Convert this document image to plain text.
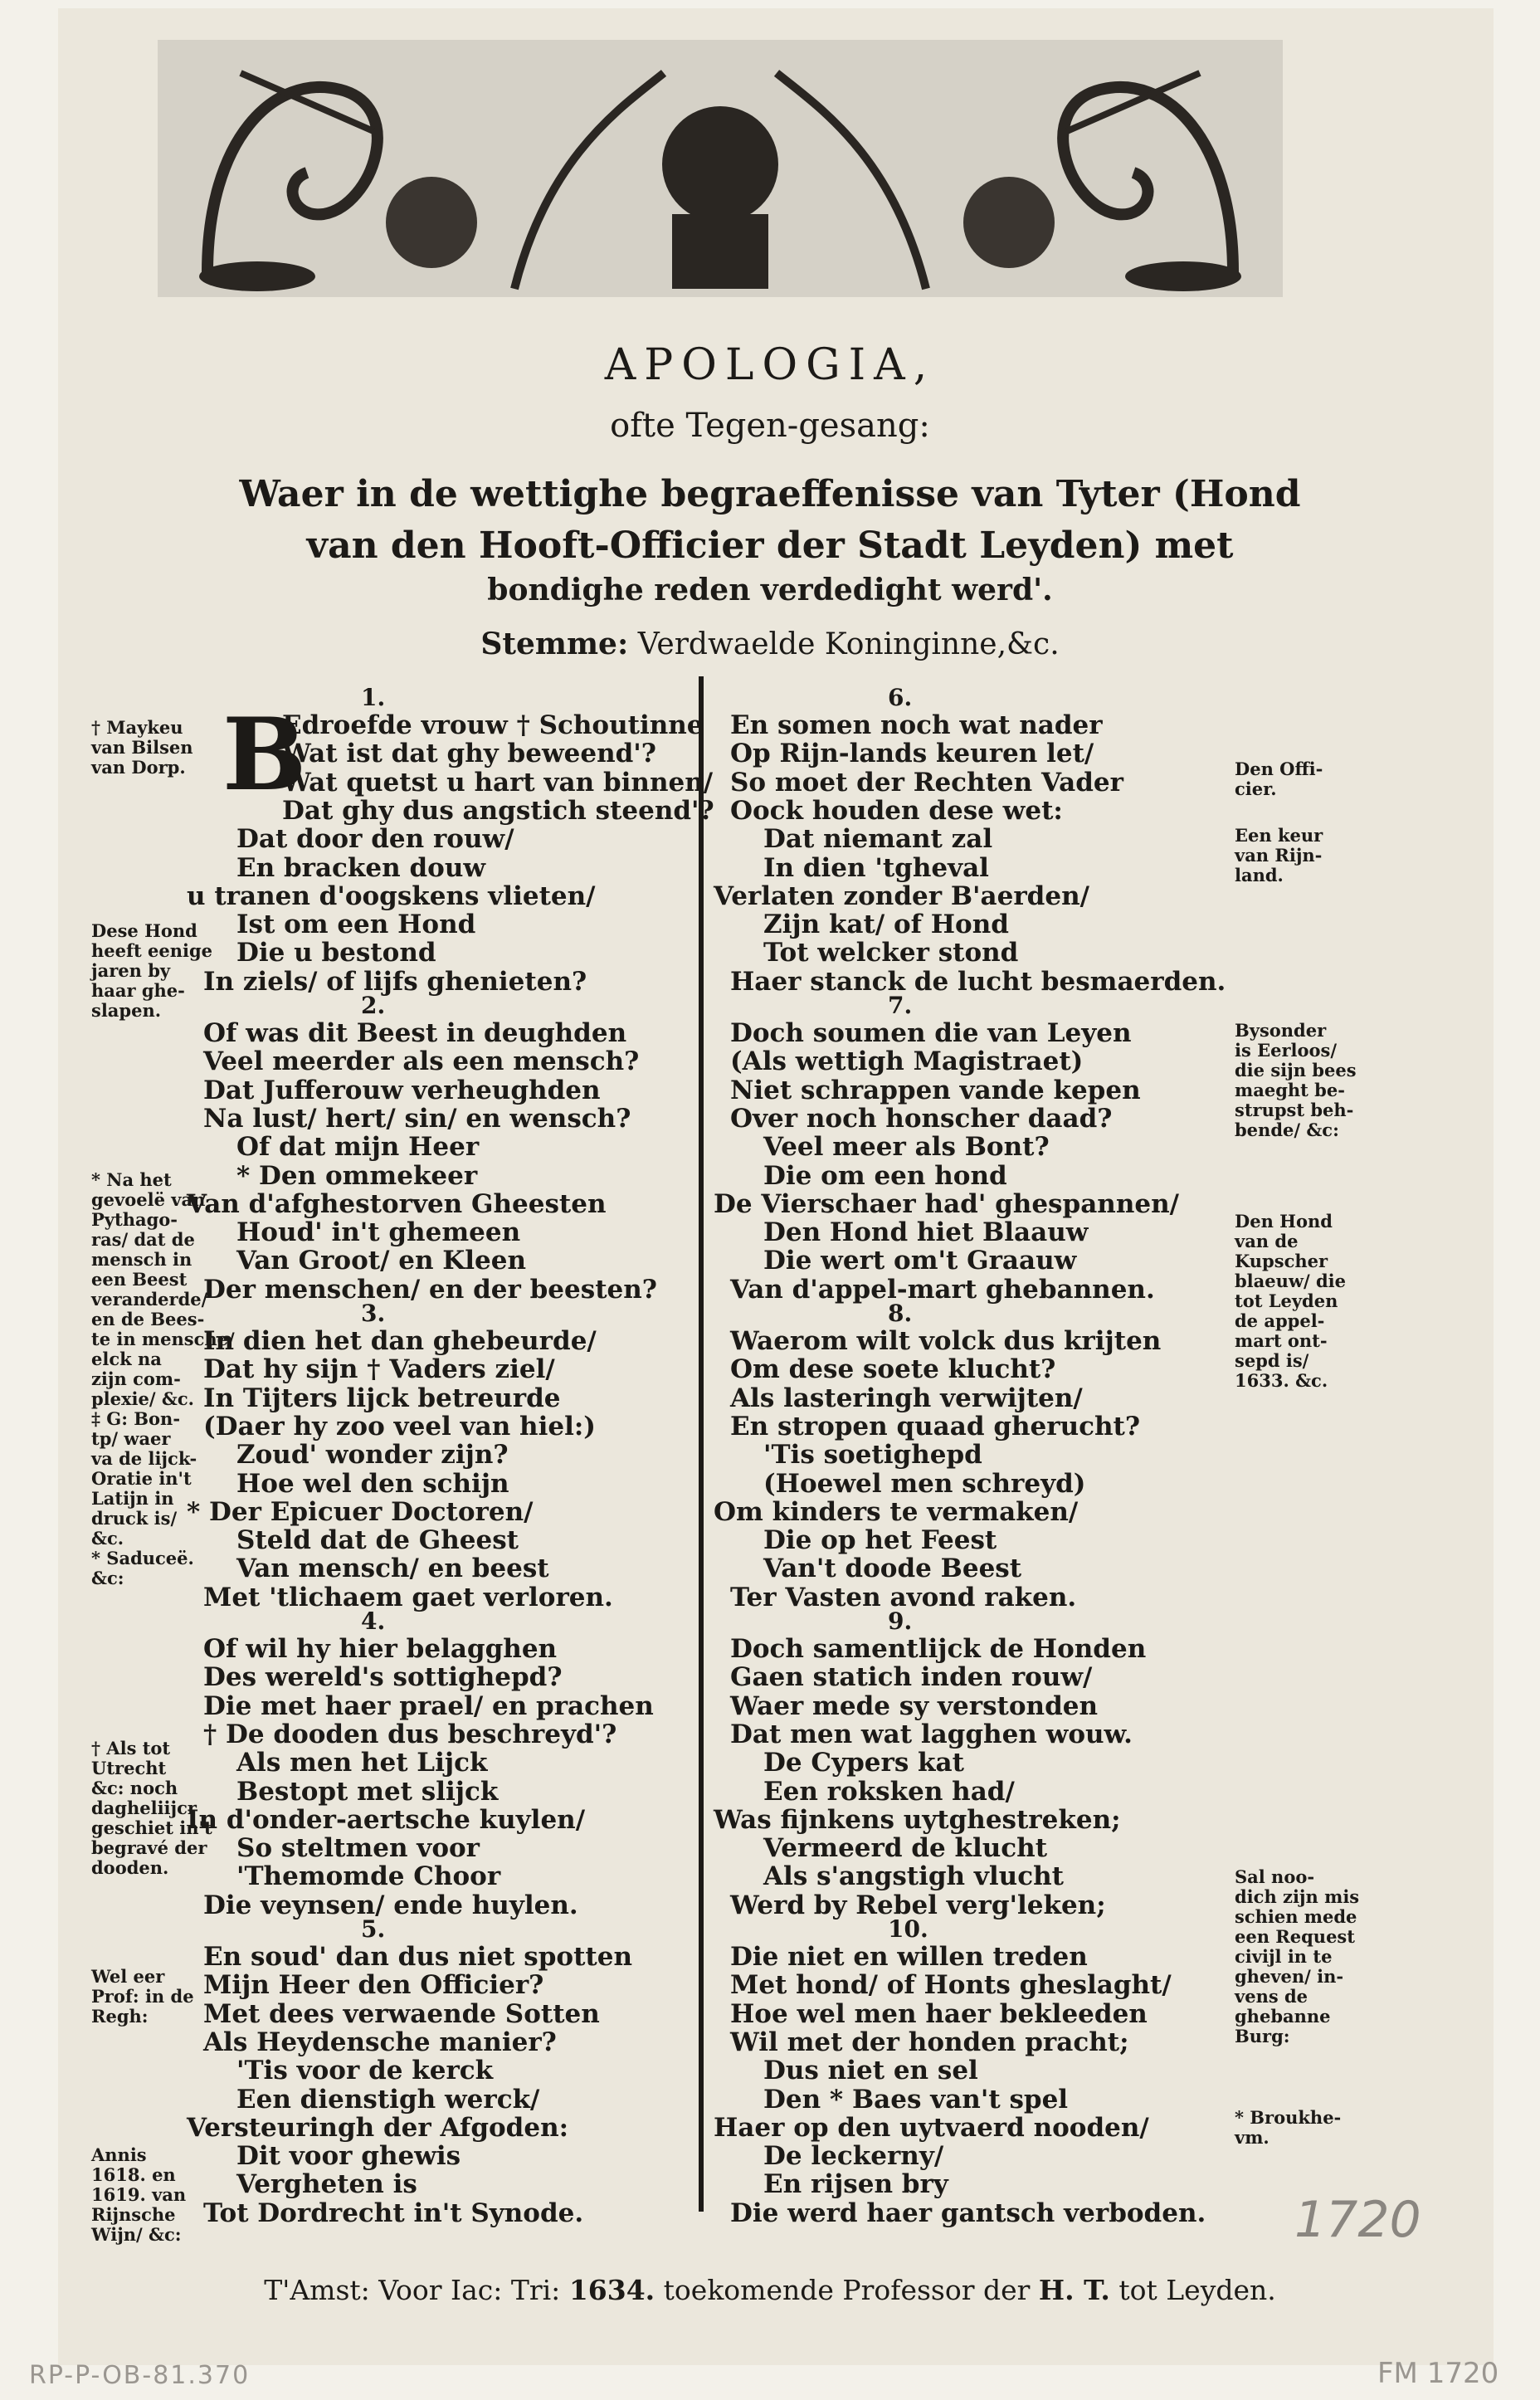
APOLOGIA,
ofte Tegen-gesang:
Waer in de wettighe begraeffenisse van Tyter (Hond
van den Hooft-Officier der Stadt Leyden) met
bondighe reden verdedight werd'.
Stemme: Verdwaelde Koninginne,&c.
1.
Edroefde vrouw † Schoutinne
Wat ist dat ghy beweend'?
Wat quetst u hart van binnen/
Dat ghy dus angstich steend'?
Dat door den rouw/
En bracken douw
u tranen d'oogskens vlieten/
Ist om een Hond
Die u bestond
In ziels/ of lijfs ghenieten?
2.
Of was dit Beest in deughden
Veel meerder als een mensch?
Dat Jufferouw verheughden
Na lust/ hert/ sin/ en wensch?
Of dat mijn Heer
* Den ommekeer
Van d'afghestorven Gheesten
Houd' in't ghemeen
Van Groot/ en Kleen
Der menschen/ en der beesten?
3.
In dien het dan ghebeurde/
Dat hy sijn † Vaders ziel/
In Tijters lijck betreurde
(Daer hy zoo veel van hiel:)
Zoud' wonder zijn?
Hoe wel den schijn
* Der Epicuer Doctoren/
Steld dat de Gheest
Van mensch/ en beest
Met 'tlichaem gaet verloren.
4.
Of wil hy hier belagghen
Des wereld's sottighepd?
Die met haer prael/ en prachen
† De dooden dus beschreyd'?
Als men het Lijck
Bestopt met slijck
In d'onder-aertsche kuylen/
So steltmen voor
'Themomde Choor
Die veynsen/ ende huylen.
5.
En soud' dan dus niet spotten
Mijn Heer den Officier?
Met dees verwaende Sotten
Als Heydensche manier?
'Tis voor de kerck
Een dienstigh werck/
Versteuringh der Afgoden:
Dit voor ghewis
Vergheten is
Tot Dordrecht in't Synode.
6.
En somen noch wat nader
Op Rijn-lands keuren let/
So moet der Rechten Vader
Oock houden dese wet:
Dat niemant zal
In dien 'tgheval
Verlaten zonder B'aerden/
Zijn kat/ of Hond
Tot welcker stond
Haer stanck de lucht besmaerden.
7.
Doch soumen die van Leyen
(Als wettigh Magistraet)
Niet schrappen vande kepen
Over noch honscher daad?
Veel meer als Bont?
Die om een hond
De Vierschaer had' ghespannen/
Den Hond hiet Blaauw
Die wert om't Graauw
Van d'appel-mart ghebannen.
8.
Waerom wilt volck dus krijten
Om dese soete klucht?
Als lasteringh verwijten/
En stropen quaad gherucht?
'Tis soetighepd
(Hoewel men schreyd)
Om kinders te vermaken/
Die op het Feest
Van't doode Beest
Ter Vasten avond raken.
9.
Doch samentlijck de Honden
Gaen statich inden rouw/
Waer mede sy verstonden
Dat men wat lagghen wouw.
De Cypers kat
Een roksken had/
Was fijnkens uytghestreken;
Vermeerd de klucht
Als s'angstigh vlucht
Werd by Rebel verg'leken;
10.
Die niet en willen treden
Met hond/ of Honts gheslaght/
Hoe wel men haer bekleeden
Wil met der honden pracht;
Dus niet en sel
Den * Baes van't spel
Haer op den uytvaerd nooden/
De leckerny/
En rijsen bry
Die werd haer gantsch verboden.
B
† Maykeu
van Bilsen
van Dorp.
Dese Hond
heeft eenige
jaren by
haar ghe-
slapen.
* Na het
gevoelë van
Pythago-
ras/ dat de
mensch in
een Beest
veranderde/
en de Bees-
te in mensche/
elck na
zijn com-
plexie/ &c.
‡ G: Bon-
tp/ waer
va de lijck-
Oratie in't
Latijn in
druck is/
&c.
* Saduceë.
&c:
† Als tot
Utrecht
&c: noch
dagheliijcr
geschiet in't
begravé der
dooden.
Wel eer
Prof: in de
Regh:
Annis
1618. en
1619. van
Rijnsche
Wijn/ &c:
Den Offi-
cier.
Een keur
van Rijn-
land.
Bysonder
is Eerloos/
die sijn bees
maeght be-
strupst beh-
bende/ &c:
Den Hond
van de
Kupscher
blaeuw/ die
tot Leyden
de appel-
mart ont-
sepd is/
1633. &c.
Sal noo-
dich zijn mis
schien mede
een Request
civijl in te
gheven/ in-
vens de
ghebanne
Burg:
* Broukhe-
vm.
T'Amst: Voor Iac: Tri: 1634. toekomende Professor der H. T. tot Leyden.
RP-P-OB-81.370	FM 1720
1720
